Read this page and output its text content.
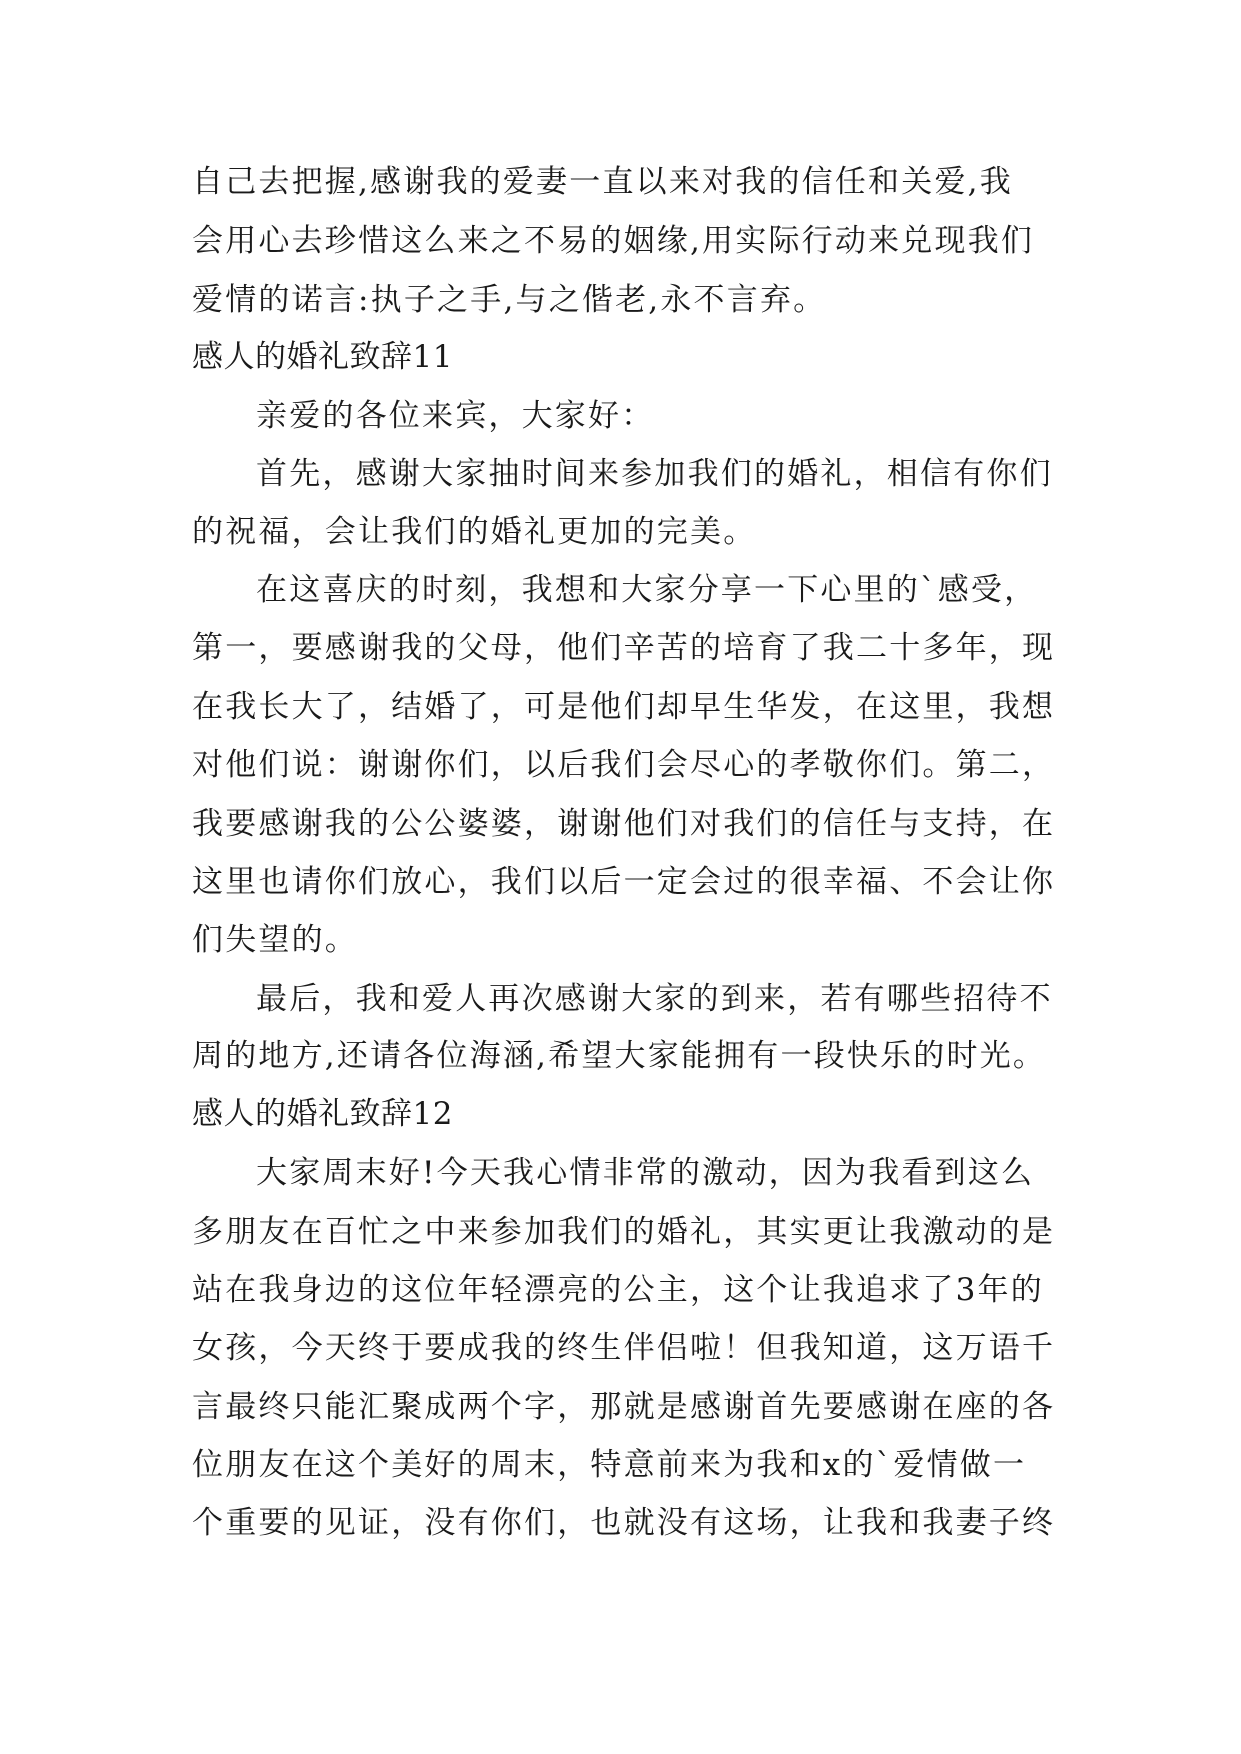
自己去把握,感谢我的爱妻一直以来对我的信任和关爱,我
会用心去珍惜这么来之不易的姻缘,用实际行动来兑现我们
爱情的诺言:执子之手,与之偕老,永不言弃。
感人的婚礼致辞11
亲爱的各位来宾，大家好：
首先，感谢大家抽时间来参加我们的婚礼，相信有你们
的祝福，会让我们的婚礼更加的完美。
在这喜庆的时刻，我想和大家分享一下心里的`感受，
第一，要感谢我的父母，他们辛苦的培育了我二十多年，现
在我长大了，结婚了，可是他们却早生华发，在这里，我想
对他们说：谢谢你们，以后我们会尽心的孝敬你们。第二，
我要感谢我的公公婆婆，谢谢他们对我们的信任与支持，在
这里也请你们放心，我们以后一定会过的很幸福、不会让你
们失望的。
最后，我和爱人再次感谢大家的到来，若有哪些招待不
周的地方,还请各位海涵,希望大家能拥有一段快乐的时光。
感人的婚礼致辞12
大家周末好!今天我心情非常的激动，因为我看到这么
多朋友在百忙之中来参加我们的婚礼，其实更让我激动的是
站在我身边的这位年轻漂亮的公主，这个让我追求了3年的
女孩，今天终于要成我的终生伴侣啦！但我知道，这万语千
言最终只能汇聚成两个字，那就是感谢首先要感谢在座的各
位朋友在这个美好的周末，特意前来为我和x的`爱情做一
个重要的见证，没有你们，也就没有这场，让我和我妻子终
